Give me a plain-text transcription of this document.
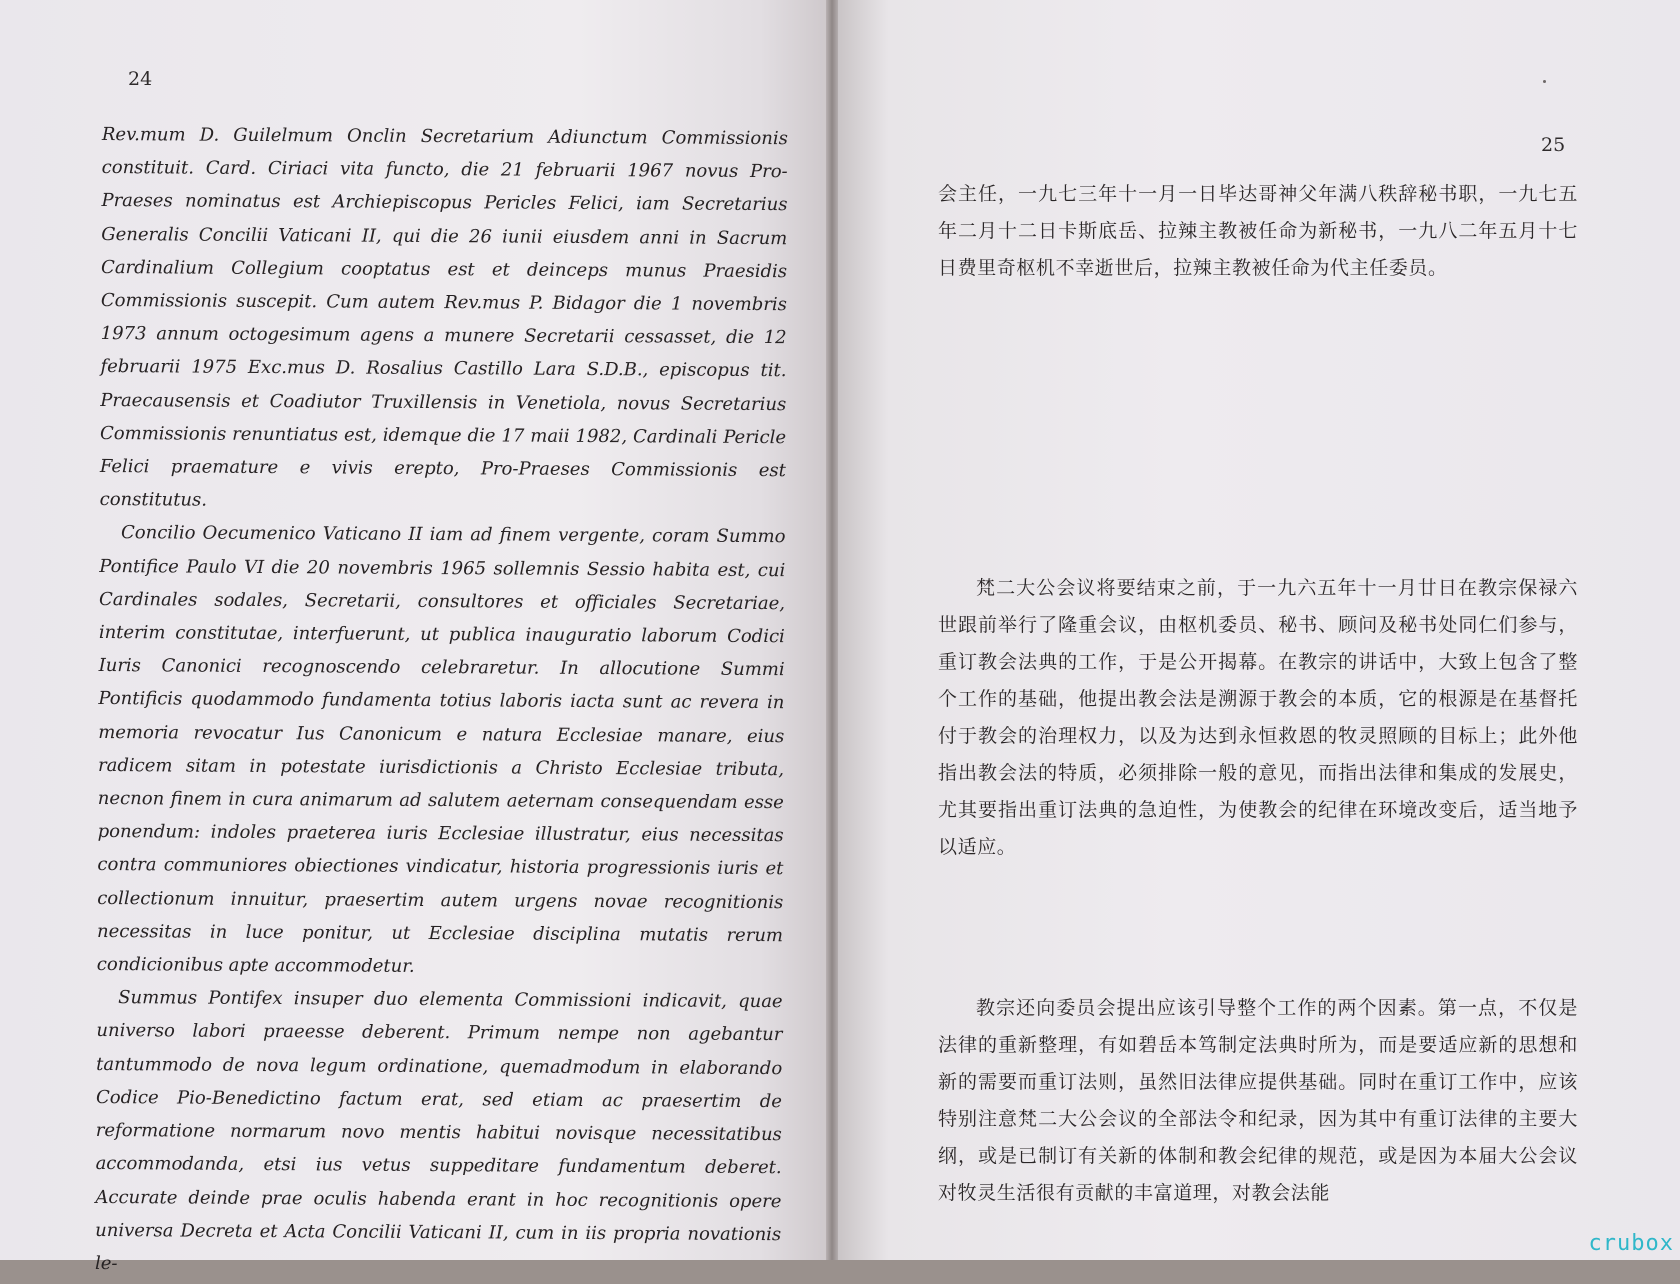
24

Rev.mum D. Guilelmum Onclin Secretarium Adiunctum Commissionis constituit. Card. Ciriaci vita functo, die 21 februarii 1967 novus Pro-Praeses nominatus est Archiepiscopus Pericles Felici, iam Secretarius Generalis Concilii Vaticani II, qui die 26 iunii eiusdem anni in Sacrum Cardinalium Collegium cooptatus est et deinceps munus Praesidis Commissionis suscepit. Cum autem Rev.mus P. Bidagor die 1 novembris 1973 annum octogesimum agens a munere Secretarii cessasset, die 12 februarii 1975 Exc.mus D. Rosalius Castillo Lara S.D.B., episcopus tit. Praecausensis et Coadiutor Truxillensis in Venetiola, novus Secretarius Commissionis renuntiatus est, idemque die 17 maii 1982, Cardinali Pericle Felici praemature e vivis erepto, Pro-Praeses Commissionis est constitutus.

Concilio Oecumenico Vaticano II iam ad finem vergente, coram Summo Pontifice Paulo VI die 20 novembris 1965 sollemnis Sessio habita est, cui Cardinales sodales, Secretarii, consultores et officiales Secretariae, interim constitutae, interfuerunt, ut publica inauguratio laborum Codici Iuris Canonici recognoscendo celebraretur. In allocutione Summi Pontificis quodammodo fundamenta totius laboris iacta sunt ac revera in memoria revocatur Ius Canonicum e natura Ecclesiae manare, eius radicem sitam in potestate iurisdictionis a Christo Ecclesiae tributa, necnon finem in cura animarum ad salutem aeternam consequendam esse ponendum: indoles praeterea iuris Ecclesiae illustratur, eius necessitas contra communiores obiectiones vindicatur, historia progressionis iuris et collectionum innuitur, praesertim autem urgens novae recognitionis necessitas in luce ponitur, ut Ecclesiae disciplina mutatis rerum condicionibus apte accommodetur.

Summus Pontifex insuper duo elementa Commissioni indicavit, quae universo labori praeesse deberent. Primum nempe non agebantur tantummodo de nova legum ordinatione, quemadmodum in elaborando Codice Pio-Benedictino factum erat, sed etiam ac praesertim de reformatione normarum novo mentis habitui novisque necessitatibus accommodanda, etsi ius vetus suppeditare fundamentum deberet. Accurate deinde prae oculis habenda erant in hoc recognitionis opere universa Decreta et Acta Concilii Vaticani II, cum in iis propria novationis le-

25

会主任，一九七三年十一月一日毕达哥神父年满八秩辞秘书职，一九七五年二月十二日卡斯底岳、拉辣主教被任命为新秘书，一九八二年五月十七日费里奇枢机不幸逝世后，拉辣主教被任命为代主任委员。

梵二大公会议将要结束之前，于一九六五年十一月廿日在教宗保禄六世跟前举行了隆重会议，由枢机委员、秘书、顾问及秘书处同仁们参与，重订教会法典的工作，于是公开揭幕。在教宗的讲话中，大致上包含了整个工作的基础，他提出教会法是溯源于教会的本质，它的根源是在基督托付于教会的治理权力，以及为达到永恒救恩的牧灵照顾的目标上；此外他指出教会法的特质，必须排除一般的意见，而指出法律和集成的发展史，尤其要指出重订法典的急迫性，为使教会的纪律在环境改变后，适当地予以适应。

教宗还向委员会提出应该引导整个工作的两个因素。第一点，不仅是法律的重新整理，有如碧岳本笃制定法典时所为，而是要适应新的思想和新的需要而重订法则，虽然旧法律应提供基础。同时在重订工作中，应该特别注意梵二大公会议的全部法令和纪录，因为其中有重订法律的主要大纲，或是已制订有关新的体制和教会纪律的规范，或是因为本届大公会议对牧灵生活很有贡献的丰富道理，对教会法能

crubox
